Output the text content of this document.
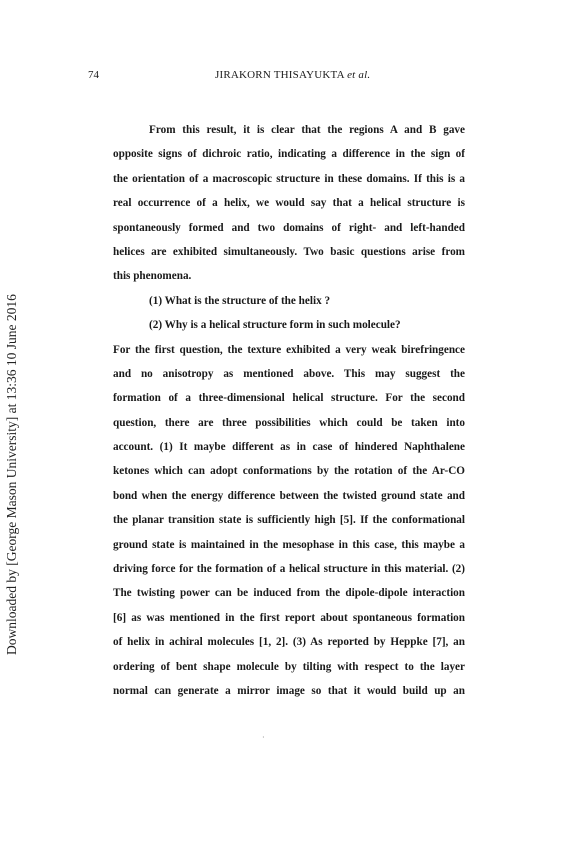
74	JIRAKORN THISAYUKTA et al.
Downloaded by [George Mason University] at 13:36 10 June 2016
From this result, it is clear that the regions A and B gave
opposite signs of dichroic ratio, indicating a difference in the sign of
the orientation of a macroscopic structure in these domains. If this is a
real occurrence of a helix, we would say that a helical structure is
spontaneously formed and two domains of right- and left-handed
helices are exhibited simultaneously. Two basic questions arise from
this phenomena.
(1) What is the structure of the helix ?
(2) Why is a helical structure form in such molecule?
For the first question, the texture exhibited a very weak birefringence
and no anisotropy as mentioned above. This may suggest the
formation of a three-dimensional helical structure. For the second
question, there are three possibilities which could be taken into
account. (1) It maybe different as in case of hindered Naphthalene
ketones which can adopt conformations by the rotation of the Ar-CO
bond when the energy difference between the twisted ground state and
the planar transition state is sufficiently high [5]. If the conformational
ground state is maintained in the mesophase in this case, this maybe a
driving force for the formation of a helical structure in this material. (2)
The twisting power can be induced from the dipole-dipole interaction
[6] as was mentioned in the first report about spontaneous formation
of helix in achiral molecules [1, 2]. (3) As reported by Heppke [7], an
ordering of bent shape molecule by tilting with respect to the layer
normal can generate a mirror image so that it would build up an
·
